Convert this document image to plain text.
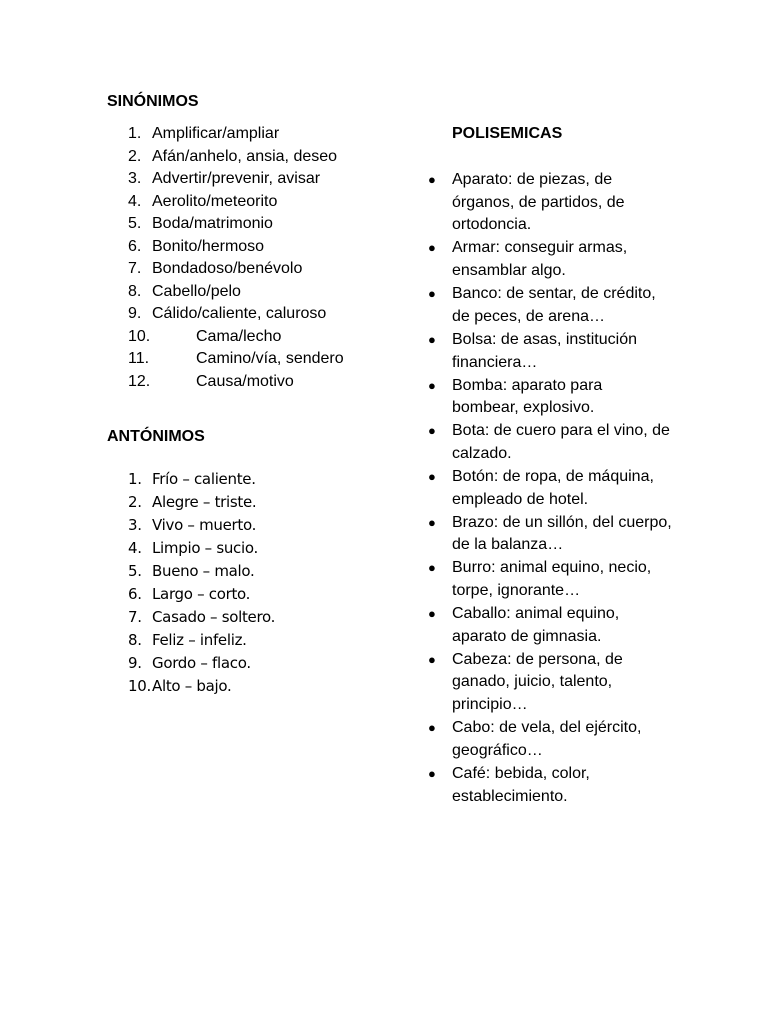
SINÓNIMOS
1. Amplificar/ampliar
2. Afán/anhelo, ansia, deseo
3. Advertir/prevenir, avisar
4. Aerolito/meteorito
5. Boda/matrimonio
6. Bonito/hermoso
7. Bondadoso/benévolo
8. Cabello/pelo
9. Cálido/caliente, caluroso
10.	Cama/lecho
11.	Camino/vía, sendero
12.	Causa/motivo
ANTÓNIMOS
1. Frío – caliente.
2. Alegre – triste.
3. Vivo – muerto.
4. Limpio – sucio.
5. Bueno – malo.
6. Largo – corto.
7. Casado – soltero.
8. Feliz – infeliz.
9. Gordo – flaco.
10.Alto – bajo.
POLISEMICAS
● Aparato: de piezas, de órganos, de partidos, de ortodoncia.
● Armar: conseguir armas, ensamblar algo.
● Banco: de sentar, de crédito, de peces, de arena…
● Bolsa: de asas, institución financiera…
● Bomba: aparato para bombear, explosivo.
● Bota: de cuero para el vino, de calzado.
● Botón: de ropa, de máquina, empleado de hotel.
● Brazo: de un sillón, del cuerpo, de la balanza…
● Burro: animal equino, necio, torpe, ignorante…
● Caballo: animal equino, aparato de gimnasia.
● Cabeza: de persona, de ganado, juicio, talento, principio…
● Cabo: de vela, del ejército, geográfico…
● Café: bebida, color, establecimiento.
